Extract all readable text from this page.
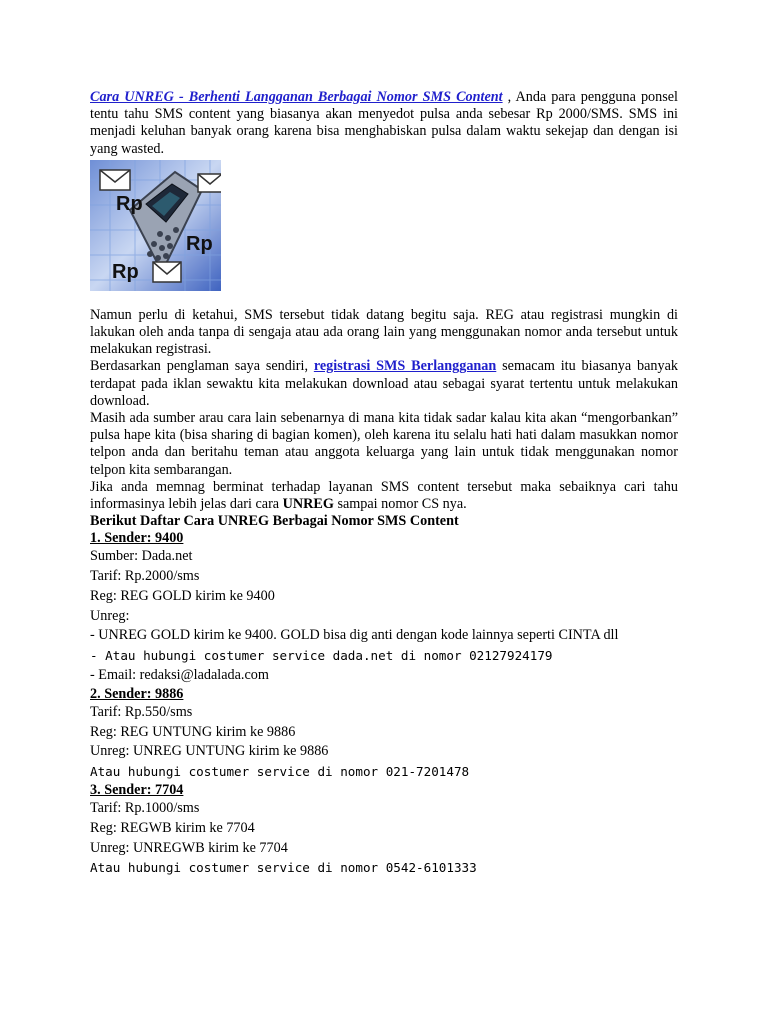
Cara UNREG - Berhenti Langganan Berbagai Nomor SMS Content , Anda para pengguna ponsel tentu tahu SMS content yang biasanya akan menyedot pulsa anda sebesar Rp 2000/SMS. SMS ini menjadi keluhan banyak orang karena bisa menghabiskan pulsa dalam waktu sekejap dan dengan isi yang wasted.

Rp
Rp
Rp

Namun perlu di ketahui, SMS tersebut tidak datang begitu saja. REG atau registrasi mungkin di lakukan oleh anda tanpa di sengaja atau ada orang lain yang menggunakan nomor anda tersebut untuk melakukan registrasi.

Berdasarkan penglaman saya sendiri, registrasi SMS Berlangganan semacam itu biasanya banyak terdapat pada iklan sewaktu kita melakukan download atau sebagai syarat tertentu untuk melakukan download.

Masih ada sumber arau cara lain sebenarnya di mana kita tidak sadar kalau kita akan “mengorbankan” pulsa hape kita (bisa sharing di bagian komen), oleh karena itu selalu hati hati dalam masukkan nomor telpon anda dan beritahu teman atau anggota keluarga yang lain untuk tidak menggunakan nomor telpon kita sembarangan.

Jika anda memnag berminat terhadap layanan SMS content tersebut maka sebaiknya cari tahu informasinya lebih jelas dari cara UNREG sampai nomor CS nya.

Berikut Daftar Cara UNREG Berbagai Nomor SMS Content

1. Sender: 9400

Sumber: Dada.net

Tarif: Rp.2000/sms

Reg: REG GOLD kirim ke 9400

Unreg:

- UNREG GOLD kirim ke 9400. GOLD bisa dig anti dengan kode lainnya seperti CINTA dll

- Atau hubungi costumer service dada.net di nomor 02127924179

- Email: redaksi@ladalada.com

2. Sender: 9886

Tarif: Rp.550/sms

Reg: REG UNTUNG kirim ke 9886

Unreg: UNREG UNTUNG kirim ke 9886

Atau hubungi costumer service di nomor 021-7201478

3. Sender: 7704

Tarif: Rp.1000/sms

Reg: REGWB kirim ke 7704

Unreg: UNREGWB kirim ke 7704

Atau hubungi costumer service di nomor 0542-6101333
